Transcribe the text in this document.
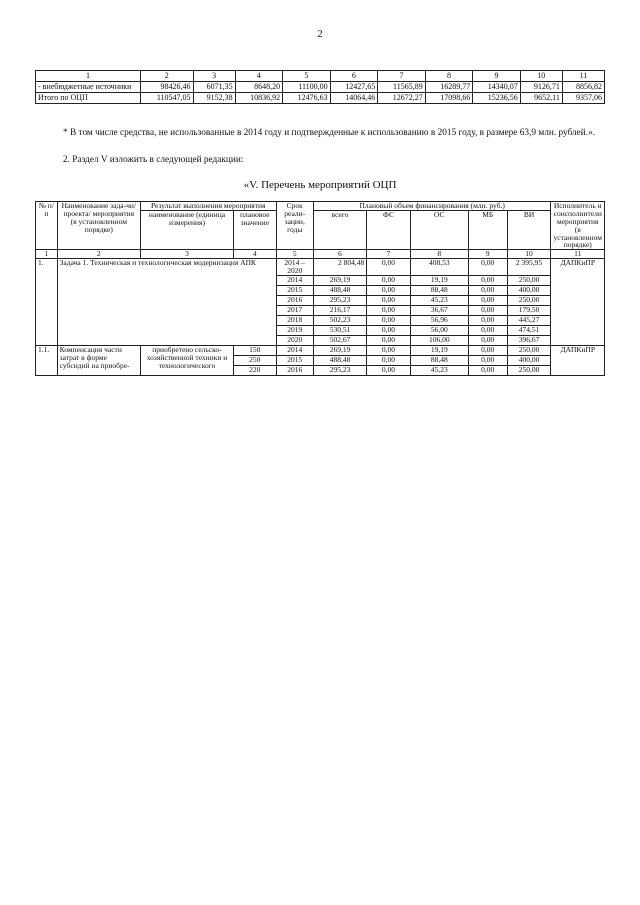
2
1	2	3	4	5	6	7	8	9	10	11
- внебюджетные источники	98426,46	6071,35	8648,20	11100,00	12427,65	11565,89	16289,77	14340,07	9126,71	8856,82
Итого по ОЦП	110547,05	9152,38	10836,92	12476,63	14064,46	12672,27	17098,66	15236,56	9652,11	9357,06
* В том числе средства, не использованные в 2014 году и подтвержденные к использованию в 2015 году, в размере 63,9 млн. рублей.».
2. Раздел V изложить в следующей редакции:
«V. Перечень мероприятий ОЦП
№ п/п	Наименование зада-чи/проекта/ мероприятия (в установленном порядке)	Результат выполнения мероприятия		Срок реали-зации, годы	Плановый объем финансирования (млн. руб.)					Исполнитель и соисполнители мероприятия (в установленном порядке)
		наименование (единица измерения)	плановое значение		всего	ФС	ОС	МБ	ВИ	

1	2	3	4	5	6	7	8	9	10	11
1.	Задача 1. Техническая и технологическая модернизация АПК			2014 – 2020	2 804,48	0,00	408,53	0,00	2 395,95	ДАПКиПР
				2014	269,19	0,00	19,19	0,00	250,00	
				2015	488,48	0,00	88,48	0,00	400,00	
				2016	295,23	0,00	45,23	0,00	250,00	
				2017	216,17	0,00	36,67	0,00	179,50	
				2018	502,23	0,00	56,96	0,00	445,27	
				2019	530,51	0,00	56,00	0,00	474,51	
				2020	502,67	0,00	106,00	0,00	396,67	
1.1.	Компенсация части затрат в форме субсидий на приобре-	приобретено сельско-хозяйственной техники и технологического	150	2014	269,19	0,00	19,19	0,00	250,00	ДАПКиПР
			250	2015	488,48	0,00	88,48	0,00	400,00	
			220	2016	295,23	0,00	45,23	0,00	250,00	
